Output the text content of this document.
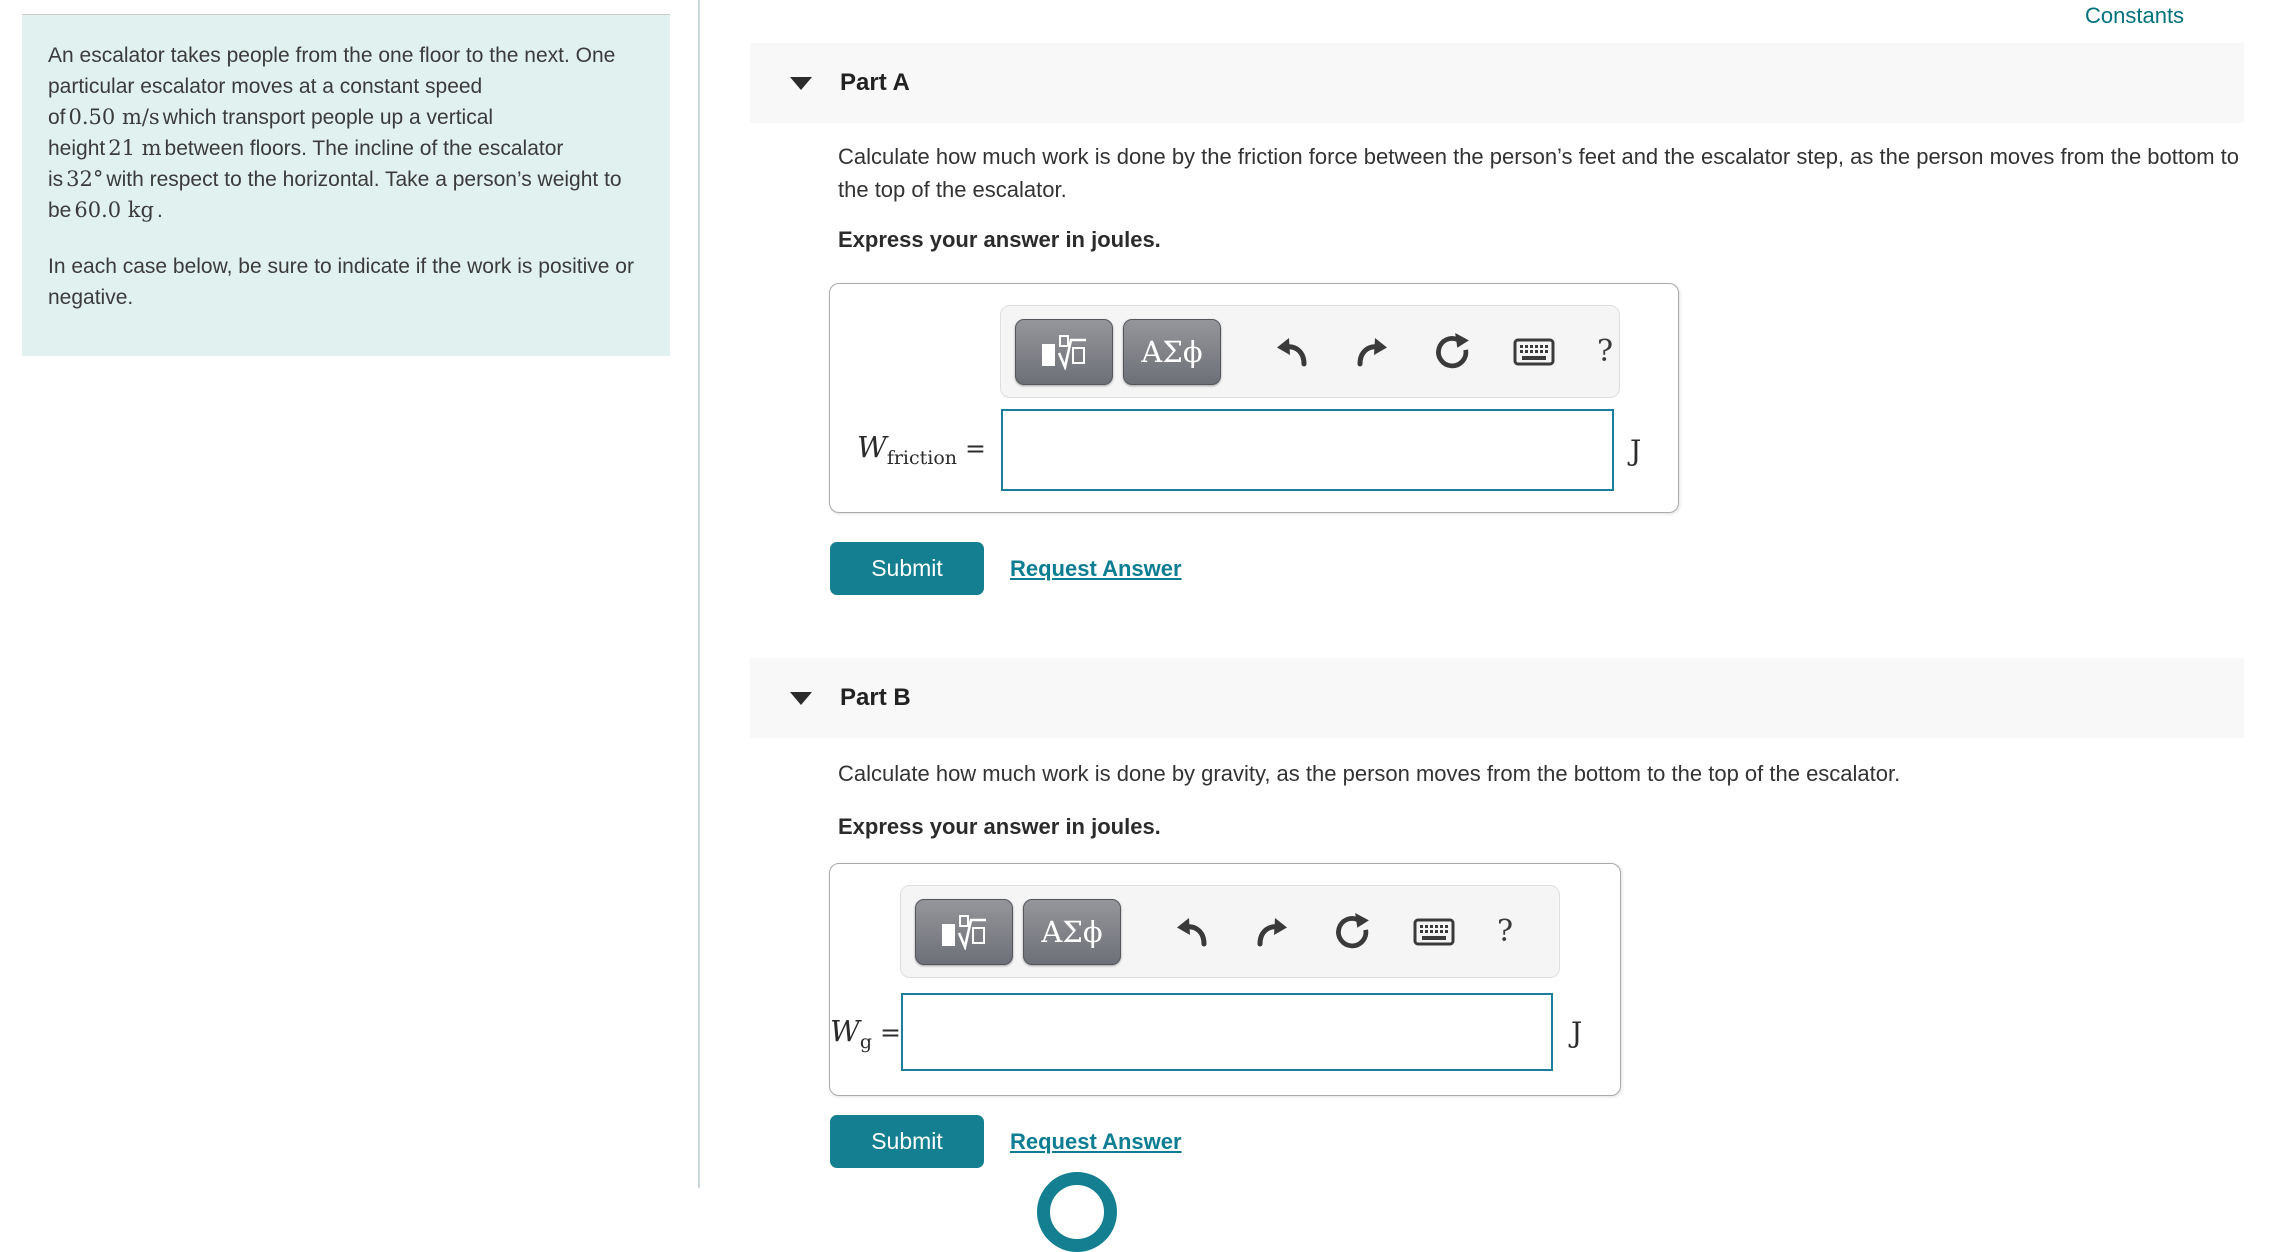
An escalator takes people from the one floor to the next. One particular escalator moves at a constant speed of 0.50 m/s which transport people up a vertical height 21 m between floors. The incline of the escalator is 32° with respect to the horizontal. Take a person’s weight to be 60.0 kg .

In each case below, be sure to indicate if the work is positive or negative.

Constants
Part A
Calculate how much work is done by the friction force between the person’s feet and the escalator step, as the person moves from the bottom to the top of the escalator.
Express your answer in joules.
ΑΣϕ	?
$W_{friction}$ =	J
Submit	Request Answer
Part B
Calculate how much work is done by gravity, as the person moves from the bottom to the top of the escalator.
Express your answer in joules.
ΑΣϕ	?
$W_g$ =	J
Submit	Request Answer
